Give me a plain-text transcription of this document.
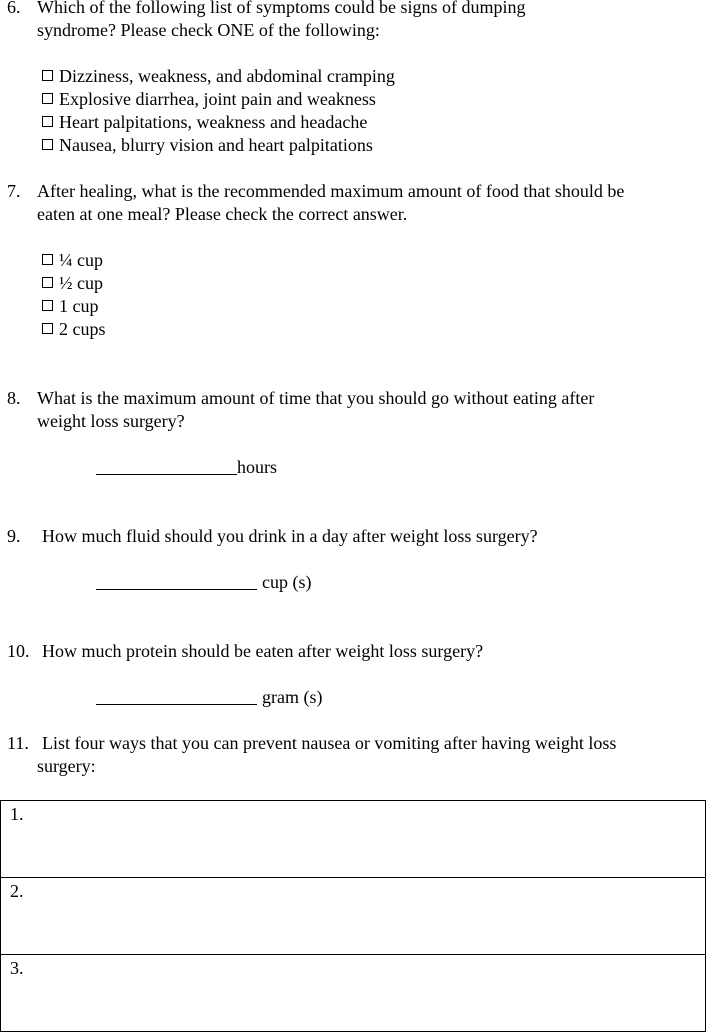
6. Which of the following list of symptoms could be signs of dumping
syndrome? Please check ONE of the following:
Dizziness, weakness, and abdominal cramping
Explosive diarrhea, joint pain and weakness
Heart palpitations, weakness and headache
Nausea, blurry vision and heart palpitations
7. After healing, what is the recommended maximum amount of food that should be
eaten at one meal? Please check the correct answer.
¼ cup
½ cup
1 cup
2 cups
8. What is the maximum amount of time that you should go without eating after
weight loss surgery?
hours
9. How much fluid should you drink in a day after weight loss surgery?
cup (s)
10. How much protein should be eaten after weight loss surgery?
gram (s)
11. List four ways that you can prevent nausea or vomiting after having weight loss
surgery:
1.
2.
3.
